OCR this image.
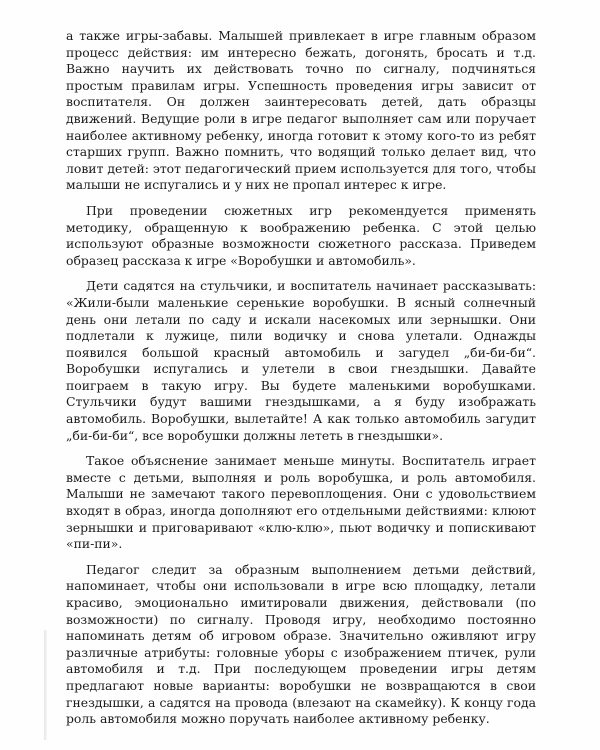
а также игры-забавы. Малышей привлекает в игре главным образом процесс действия: им интересно бежать, догонять, бросать и т.д. Важно научить их действовать точно по сигналу, подчиняться простым правилам игры. Успешность проведения игры зависит от воспитателя. Он должен заинтересовать детей, дать образцы движений. Ведущие роли в игре педагог выполняет сам или поручает наиболее активному ребенку, иногда готовит к этому кого-то из ребят старших групп. Важно помнить, что водящий только делает вид, что ловит детей: этот педагогический прием используется для того, чтобы малыши не испугались и у них не пропал интерес к игре.

При проведении сюжетных игр рекомендуется применять методику, обращенную к воображению ребенка. С этой целью используют образные возможности сюжетного рассказа. Приведем образец рассказа к игре «Воробушки и автомобиль».

Дети садятся на стульчики, и воспитатель начинает рассказывать: «Жили-были маленькие серенькие воробушки. В ясный солнечный день они летали по саду и искали насекомых или зернышки. Они подлетали к лужице, пили водичку и снова улетали. Однажды появился большой красный автомобиль и загудел „би-би-би“. Воробушки испугались и улетели в свои гнездышки. Давайте поиграем в такую игру. Вы будете маленькими воробушками. Стульчики будут вашими гнездышками, а я буду изображать автомобиль. Воробушки, вылетайте! А как только автомобиль загудит „би-би-би“, все воробушки должны лететь в гнездышки».

Такое объяснение занимает меньше минуты. Воспитатель играет вместе с детьми, выполняя и роль воробушка, и роль автомобиля. Малыши не замечают такого перевоплощения. Они с удовольствием входят в образ, иногда дополняют его отдельными действиями: клюют зернышки и приговаривают «клю-клю», пьют водичку и попискивают «пи-пи».

Педагог следит за образным выполнением детьми действий, напоминает, чтобы они использовали в игре всю площадку, летали красиво, эмоционально имитировали движения, действовали (по возможности) по сигналу. Проводя игру, необходимо постоянно напоминать детям об игровом образе. Значительно оживляют игру различные атрибуты: головные уборы с изображением птичек, рули автомобиля и т.д. При последующем проведении игры детям предлагают новые варианты: воробушки не возвращаются в свои гнездышки, а садятся на провода (влезают на скамейку). К концу года роль автомобиля можно поручать наиболее активному ребенку.
